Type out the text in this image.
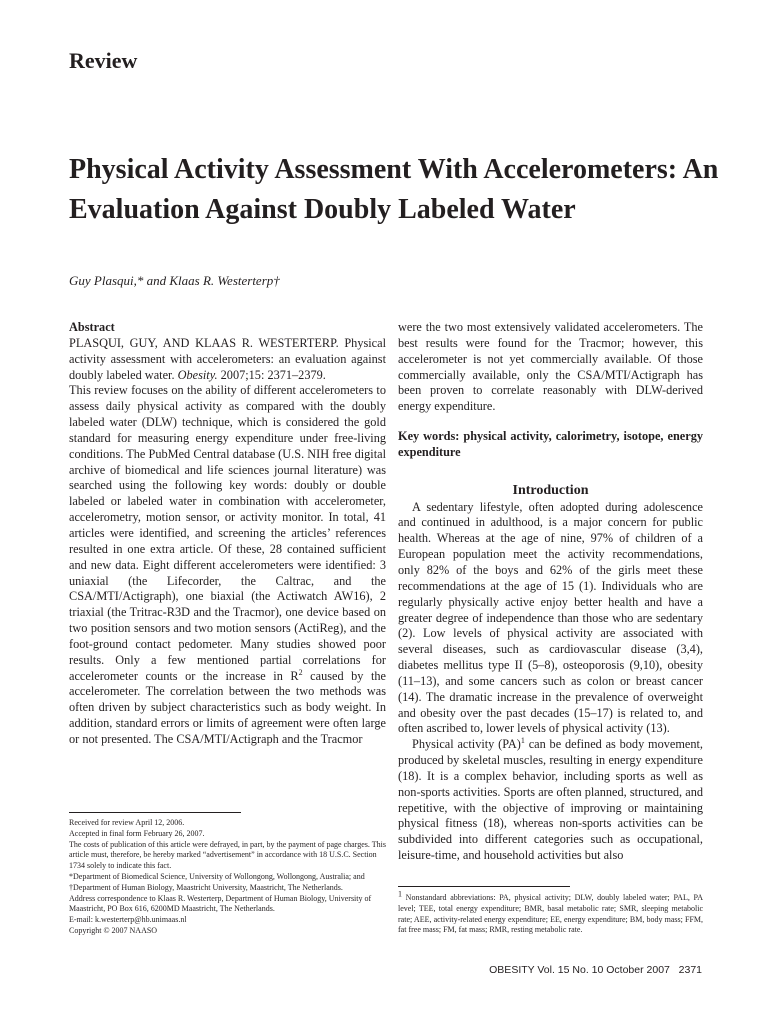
Review
Physical Activity Assessment With Accelerometers: An Evaluation Against Doubly Labeled Water
Guy Plasqui,* and Klaas R. Westerterp†

Abstract

PLASQUI, GUY, AND KLAAS R. WESTERTERP. Physical activity assessment with accelerometers: an evaluation against doubly labeled water. Obesity. 2007;15: 2371–2379.

This review focuses on the ability of different accelerometers to assess daily physical activity as compared with the doubly labeled water (DLW) technique, which is considered the gold standard for measuring energy expenditure under free-living conditions. The PubMed Central database (U.S. NIH free digital archive of biomedical and life sciences journal literature) was searched using the following key words: doubly or double labeled or labeled water in combination with accelerometer, accelerometry, motion sensor, or activity monitor. In total, 41 articles were identified, and screening the articles’ references resulted in one extra article. Of these, 28 contained sufficient and new data. Eight different accelerometers were identified: 3 uniaxial (the Lifecorder, the Caltrac, and the CSA/MTI/Actigraph), one biaxial (the Actiwatch AW16), 2 triaxial (the Tritrac-R3D and the Tracmor), one device based on two position sensors and two motion sensors (ActiReg), and the foot-ground contact pedometer. Many studies showed poor results. Only a few mentioned partial correlations for accelerometer counts or the increase in $R^2$ caused by the accelerometer. The correlation between the two methods was often driven by subject characteristics such as body weight. In addition, standard errors or limits of agreement were often large or not presented. The CSA/MTI/Actigraph and the Tracmor

were the two most extensively validated accelerometers. The best results were found for the Tracmor; however, this accelerometer is not yet commercially available. Of those commercially available, only the CSA/MTI/Actigraph has been proven to correlate reasonably with DLW-derived energy expenditure.

Key words: physical activity, calorimetry, isotope, energy expenditure

Introduction

A sedentary lifestyle, often adopted during adolescence and continued in adulthood, is a major concern for public health. Whereas at the age of nine, 97% of children of a European population meet the activity recommendations, only 82% of the boys and 62% of the girls meet these recommendations at the age of 15 (1). Individuals who are regularly physically active enjoy better health and have a greater degree of independence than those who are sedentary (2). Low levels of physical activity are associated with several diseases, such as cardiovascular disease (3,4), diabetes mellitus type II (5–8), osteoporosis (9,10), obesity (11–13), and some cancers such as colon or breast cancer (14). The dramatic increase in the prevalence of overweight and obesity over the past decades (15–17) is related to, and often ascribed to, lower levels of physical activity (13).

Physical activity (PA)$^1$ can be defined as body movement, produced by skeletal muscles, resulting in energy expenditure (18). It is a complex behavior, including sports as well as non-sports activities. Sports are often planned, structured, and repetitive, with the objective of improving or maintaining physical fitness (18), whereas non-sports activities can be subdivided into different categories such as occupational, leisure-time, and household activities but also

Received for review April 12, 2006.

Accepted in final form February 26, 2007.

The costs of publication of this article were defrayed, in part, by the payment of page charges. This article must, therefore, be hereby marked “advertisement” in accordance with 18 U.S.C. Section 1734 solely to indicate this fact.

*Department of Biomedical Science, University of Wollongong, Wollongong, Australia; and †Department of Human Biology, Maastricht University, Maastricht, The Netherlands.

Address correspondence to Klaas R. Westerterp, Department of Human Biology, University of Maastricht, PO Box 616, 6200MD Maastricht, The Netherlands.

E-mail: k.westerterp@hb.unimaas.nl

Copyright © 2007 NAASO

1 Nonstandard abbreviations: PA, physical activity; DLW, doubly labeled water; PAL, PA level; TEE, total energy expenditure; BMR, basal metabolic rate; SMR, sleeping metabolic rate; AEE, activity-related energy expenditure; EE, energy expenditure; BM, body mass; FFM, fat free mass; FM, fat mass; RMR, resting metabolic rate.

OBESITY Vol. 15 No. 10 October 2007   2371
